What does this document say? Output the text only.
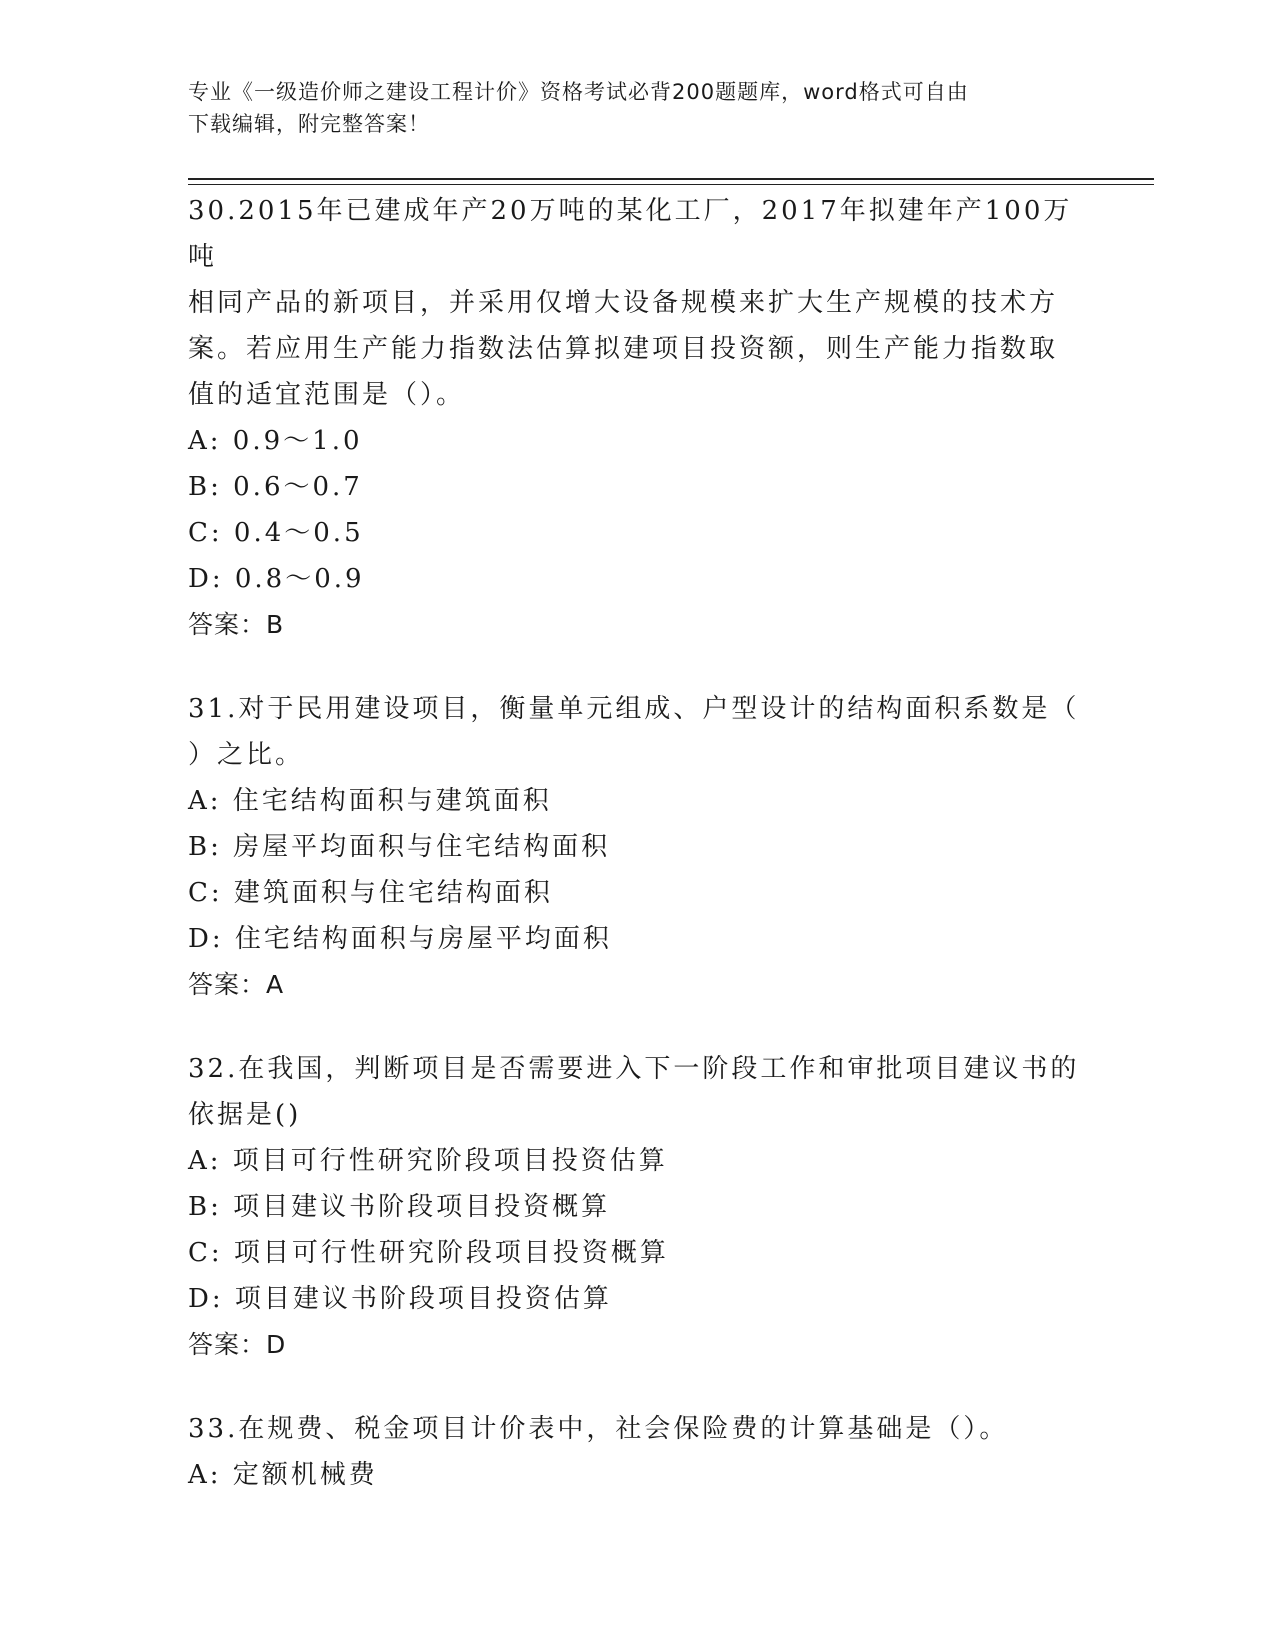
专业《一级造价师之建设工程计价》资格考试必背200题题库，word格式可自由
下载编辑，附完整答案！
30.2015年已建成年产20万吨的某化工厂，2017年拟建年产100万吨
相同产品的新项目，并采用仅增大设备规模来扩大生产规模的技术方
案。若应用生产能力指数法估算拟建项目投资额，则生产能力指数取
值的适宜范围是（）。
A: 0.9～1.0
B: 0.6～0.7
C: 0.4～0.5
D: 0.8～0.9
答案：B
31.对于民用建设项目，衡量单元组成、户型设计的结构面积系数是（
）之比。
A: 住宅结构面积与建筑面积
B: 房屋平均面积与住宅结构面积
C: 建筑面积与住宅结构面积
D: 住宅结构面积与房屋平均面积
答案：A
32.在我国，判断项目是否需要进入下一阶段工作和审批项目建议书的
依据是()
A: 项目可行性研究阶段项目投资估算
B: 项目建议书阶段项目投资概算
C: 项目可行性研究阶段项目投资概算
D: 项目建议书阶段项目投资估算
答案：D
33.在规费、税金项目计价表中，社会保险费的计算基础是（）。
A: 定额机械费
